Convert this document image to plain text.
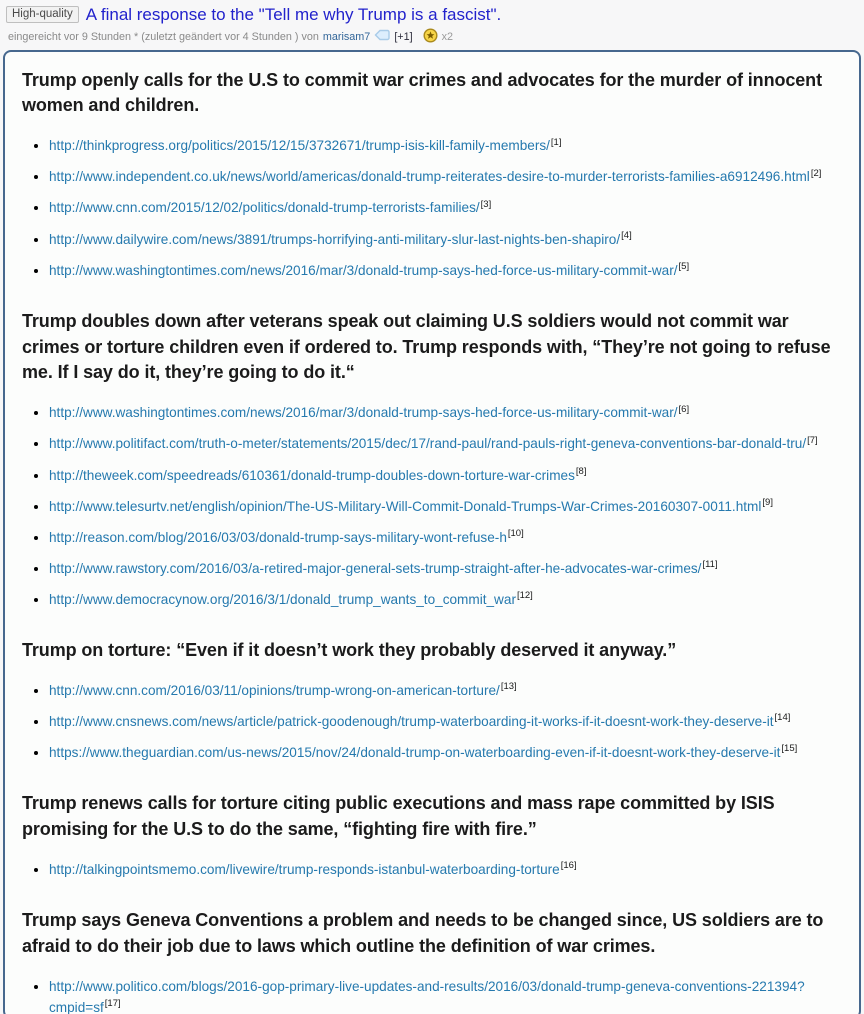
High-quality A final response to the "Tell me why Trump is a fascist".
eingereicht vor 9 Stunden * (zuletzt geändert vor 4 Stunden ) von marisam7 [+1]	x2
Trump openly calls for the U.S to commit war crimes and advocates for the murder of innocent women and children.
• http://thinkprogress.org/politics/2015/12/15/3732671/trump-isis-kill-family-members/[1]
• http://www.independent.co.uk/news/world/americas/donald-trump-reiterates-desire-to-murder-terrorists-families-a6912496.html[2]
• http://www.cnn.com/2015/12/02/politics/donald-trump-terrorists-families/[3]
• http://www.dailywire.com/news/3891/trumps-horrifying-anti-military-slur-last-nights-ben-shapiro/[4]
• http://www.washingtontimes.com/news/2016/mar/3/donald-trump-says-hed-force-us-military-commit-war/[5]
Trump doubles down after veterans speak out claiming U.S soldiers would not commit war crimes or torture children even if ordered to. Trump responds with, “They’re not going to refuse me. If I say do it, they’re going to do it.“
• http://www.washingtontimes.com/news/2016/mar/3/donald-trump-says-hed-force-us-military-commit-war/[6]
• http://www.politifact.com/truth-o-meter/statements/2015/dec/17/rand-paul/rand-pauls-right-geneva-conventions-bar-donald-tru/[7]
• http://theweek.com/speedreads/610361/donald-trump-doubles-down-torture-war-crimes[8]
• http://www.telesurtv.net/english/opinion/The-US-Military-Will-Commit-Donald-Trumps-War-Crimes-20160307-0011.html[9]
• http://reason.com/blog/2016/03/03/donald-trump-says-military-wont-refuse-h[10]
• http://www.rawstory.com/2016/03/a-retired-major-general-sets-trump-straight-after-he-advocates-war-crimes/[11]
• http://www.democracynow.org/2016/3/1/donald_trump_wants_to_commit_war[12]
Trump on torture: “Even if it doesn’t work they probably deserved it anyway.”
• http://www.cnn.com/2016/03/11/opinions/trump-wrong-on-american-torture/[13]
• http://www.cnsnews.com/news/article/patrick-goodenough/trump-waterboarding-it-works-if-it-doesnt-work-they-deserve-it[14]
• https://www.theguardian.com/us-news/2015/nov/24/donald-trump-on-waterboarding-even-if-it-doesnt-work-they-deserve-it[15]
Trump renews calls for torture citing public executions and mass rape committed by ISIS promising for the U.S to do the same, “fighting fire with fire.”
• http://talkingpointsmemo.com/livewire/trump-responds-istanbul-waterboarding-torture[16]
Trump says Geneva Conventions a problem and needs to be changed since, US soldiers are to afraid to do their job due to laws which outline the definition of war crimes.
• http://www.politico.com/blogs/2016-gop-primary-live-updates-and-results/2016/03/donald-trump-geneva-conventions-221394?cmpid=sf[17]
